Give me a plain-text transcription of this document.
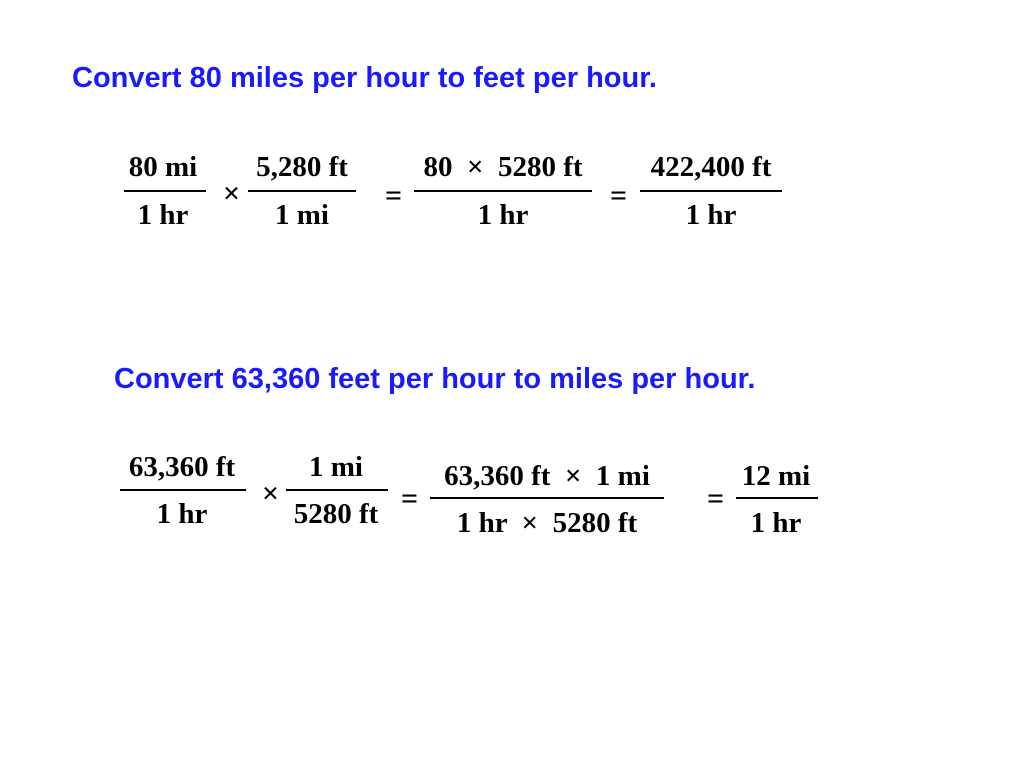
Convert 80 miles per hour to feet per hour.
80 mi
1 hr
×
5,280 ft
1 mi
=
80  ×  5280 ft
1 hr
=
422,400 ft
1 hr
Convert 63,360 feet per hour to miles per hour.
63,360 ft
1 hr
×
1 mi
5280 ft =
63,360 ft  ×  1 mi
1 hr  ×  5280 ft
=
12 mi
1 hr
